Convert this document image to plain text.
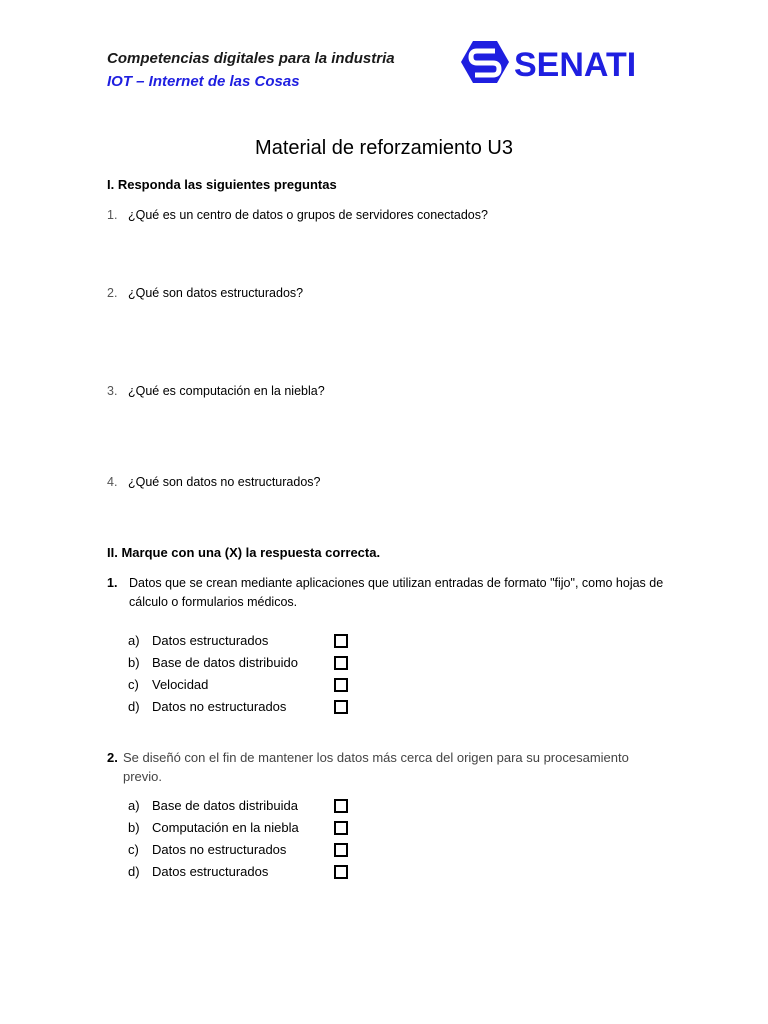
Competencias digitales para la industria
IOT – Internet de las Cosas	SENATI
Material de reforzamiento U3
I. Responda las siguientes preguntas
1. ¿Qué es un centro de datos o grupos de servidores conectados?
2. ¿Qué son datos estructurados?
3. ¿Qué es computación en la niebla?
4. ¿Qué son datos no estructurados?
II. Marque con una (X) la respuesta correcta.
1. Datos que se crean mediante aplicaciones que utilizan entradas de formato "fijo", como hojas de cálculo o formularios médicos.
a) Datos estructurados
b) Base de datos distribuido
c) Velocidad
d) Datos no estructurados
2. Se diseñó con el fin de mantener los datos más cerca del origen para su procesamiento previo.
a) Base de datos distribuida
b) Computación en la niebla
c) Datos no estructurados
d) Datos estructurados
